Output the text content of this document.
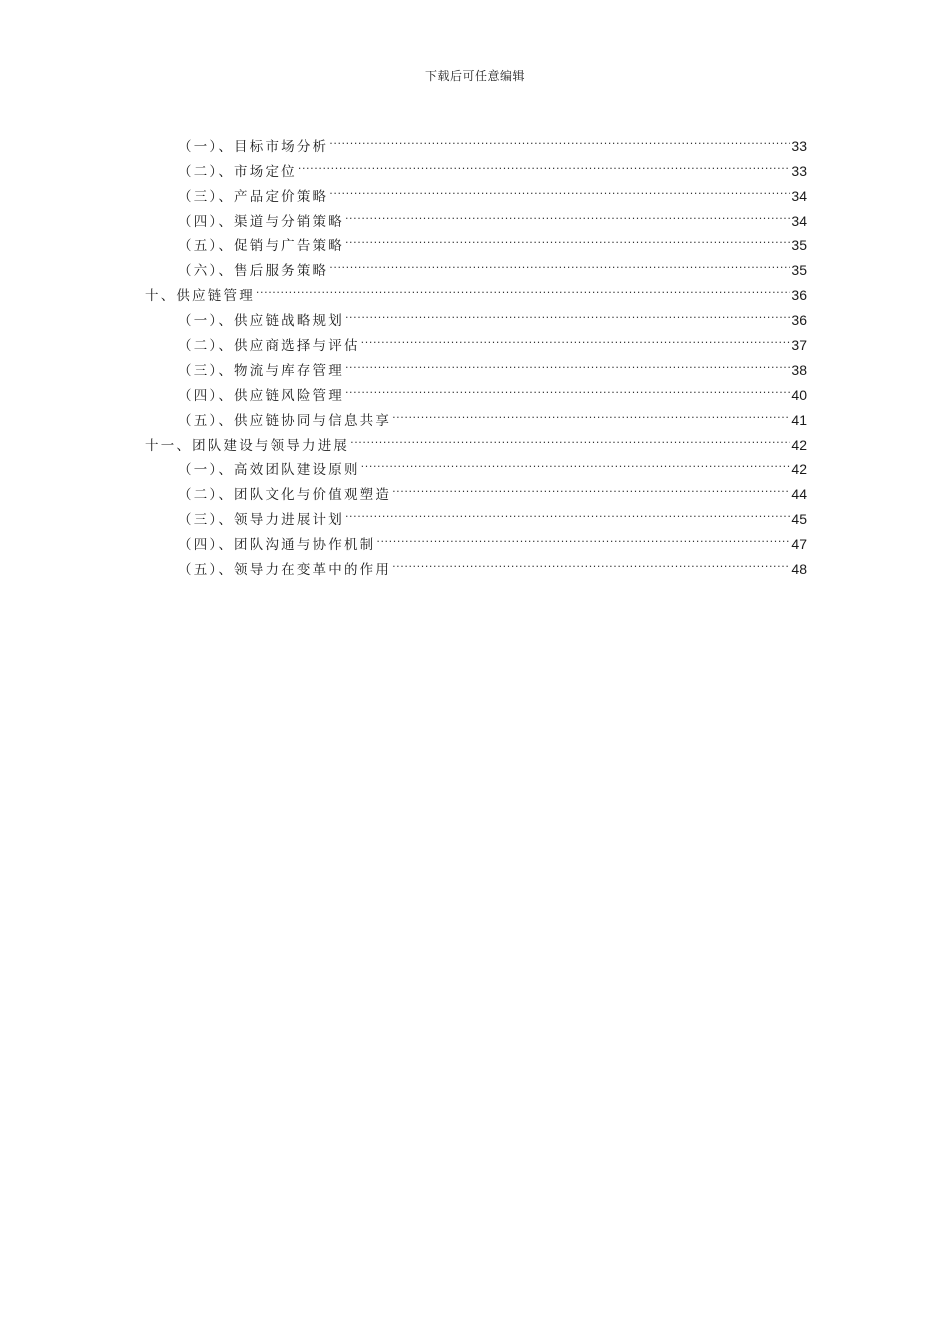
下载后可任意编辑
（一）、目标市场分析 .....	33
（二）、市场定位 .....	33
（三）、产品定价策略 .....	34
（四）、渠道与分销策略 .....	34
（五）、促销与广告策略 .....	35
（六）、售后服务策略 .....	35
十、供应链管理 .....	36
（一）、供应链战略规划 .....	36
（二）、供应商选择与评估 .....	37
（三）、物流与库存管理 .....	38
（四）、供应链风险管理 .....	40
（五）、供应链协同与信息共享 .....	41
十一、团队建设与领导力进展 .....	42
（一）、高效团队建设原则 .....	42
（二）、团队文化与价值观塑造 .....	44
（三）、领导力进展计划 .....	45
（四）、团队沟通与协作机制 .....	47
（五）、领导力在变革中的作用 .....	48
